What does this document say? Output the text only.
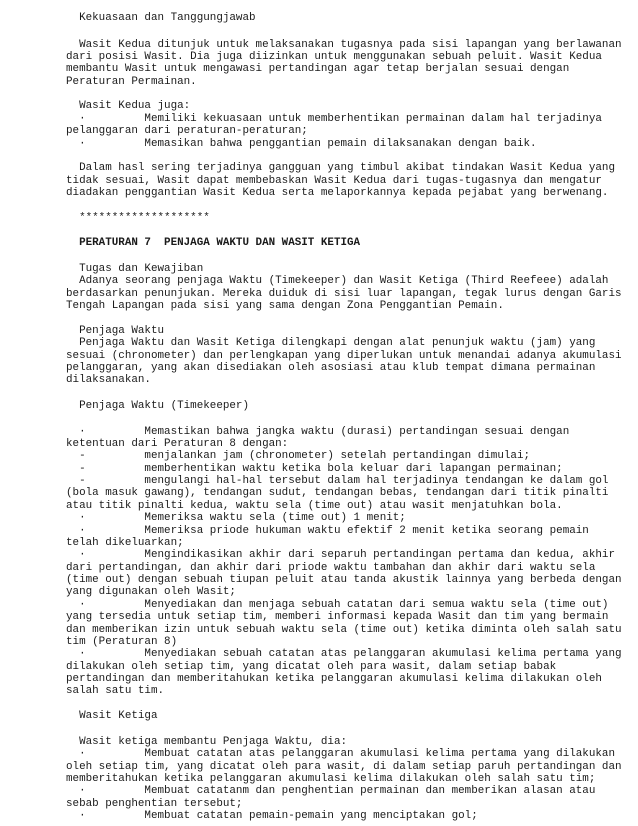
Kekuasaan dan Tanggungjawab
Wasit Kedua ditunjuk untuk melaksanakan tugasnya pada sisi lapangan yang berlawanan
dari posisi Wasit. Dia juga diizinkan untuk menggunakan sebuah peluit. Wasit Kedua
membantu Wasit untuk mengawasi pertandingan agar tetap berjalan sesuai dengan
Peraturan Permainan.
Wasit Kedua juga:
·         Memiliki kekuasaan untuk memberhentikan permainan dalam hal terjadinya
pelanggaran dari peraturan-peraturan;
·         Memasikan bahwa penggantian pemain dilaksanakan dengan baik.
Dalam hasl sering terjadinya gangguan yang timbul akibat tindakan Wasit Kedua yang
tidak sesuai, Wasit dapat membebaskan Wasit Kedua dari tugas-tugasnya dan mengatur
diadakan penggantian Wasit Kedua serta melaporkannya kepada pejabat yang berwenang.
********************
PERATURAN 7  PENJAGA WAKTU DAN WASIT KETIGA
Tugas dan Kewajiban
Adanya seorang penjaga Waktu (Timekeeper) dan Wasit Ketiga (Third Reefeee) adalah
berdasarkan penunjukan. Mereka duiduk di sisi luar lapangan, tegak lurus dengan Garis
Tengah Lapangan pada sisi yang sama dengan Zona Penggantian Pemain.
Penjaga Waktu
Penjaga Waktu dan Wasit Ketiga dilengkapi dengan alat penunjuk waktu (jam) yang
sesuai (chronometer) dan perlengkapan yang diperlukan untuk menandai adanya akumulasi
pelanggaran, yang akan disediakan oleh asosiasi atau klub tempat dimana permainan
dilaksanakan.
Penjaga Waktu (Timekeeper)
·         Memastikan bahwa jangka waktu (durasi) pertandingan sesuai dengan
ketentuan dari Peraturan 8 dengan:
-         menjalankan jam (chronometer) setelah pertandingan dimulai;
-         memberhentikan waktu ketika bola keluar dari lapangan permainan;
-         mengulangi hal-hal tersebut dalam hal terjadinya tendangan ke dalam gol
(bola masuk gawang), tendangan sudut, tendangan bebas, tendangan dari titik pinalti
atau titik pinalti kedua, waktu sela (time out) atau wasit menjatuhkan bola.
·         Memeriksa waktu sela (time out) 1 menit;
·         Memeriksa priode hukuman waktu efektif 2 menit ketika seorang pemain
telah dikeluarkan;
·         Mengindikasikan akhir dari separuh pertandingan pertama dan kedua, akhir
dari pertandingan, dan akhir dari priode waktu tambahan dan akhir dari waktu sela
(time out) dengan sebuah tiupan peluit atau tanda akustik lainnya yang berbeda dengan
yang digunakan oleh Wasit;
·         Menyediakan dan menjaga sebuah catatan dari semua waktu sela (time out)
yang tersedia untuk setiap tim, memberi informasi kepada Wasit dan tim yang bermain
dan memberikan izin untuk sebuah waktu sela (time out) ketika diminta oleh salah satu
tim (Peraturan 8)
·         Menyediakan sebuah catatan atas pelanggaran akumulasi kelima pertama yang
dilakukan oleh setiap tim, yang dicatat oleh para wasit, dalam setiap babak
pertandingan dan memberitahukan ketika pelanggaran akumulasi kelima dilakukan oleh
salah satu tim.
Wasit Ketiga
Wasit ketiga membantu Penjaga Waktu, dia:
·         Membuat catatan atas pelanggaran akumulasi kelima pertama yang dilakukan
oleh setiap tim, yang dicatat oleh para wasit, di dalam setiap paruh pertandingan dan
memberitahukan ketika pelanggaran akumulasi kelima dilakukan oleh salah satu tim;
·         Membuat catatanm dan penghentian permainan dan memberikan alasan atau
sebab penghentian tersebut;
·         Membuat catatan pemain-pemain yang menciptakan gol;
